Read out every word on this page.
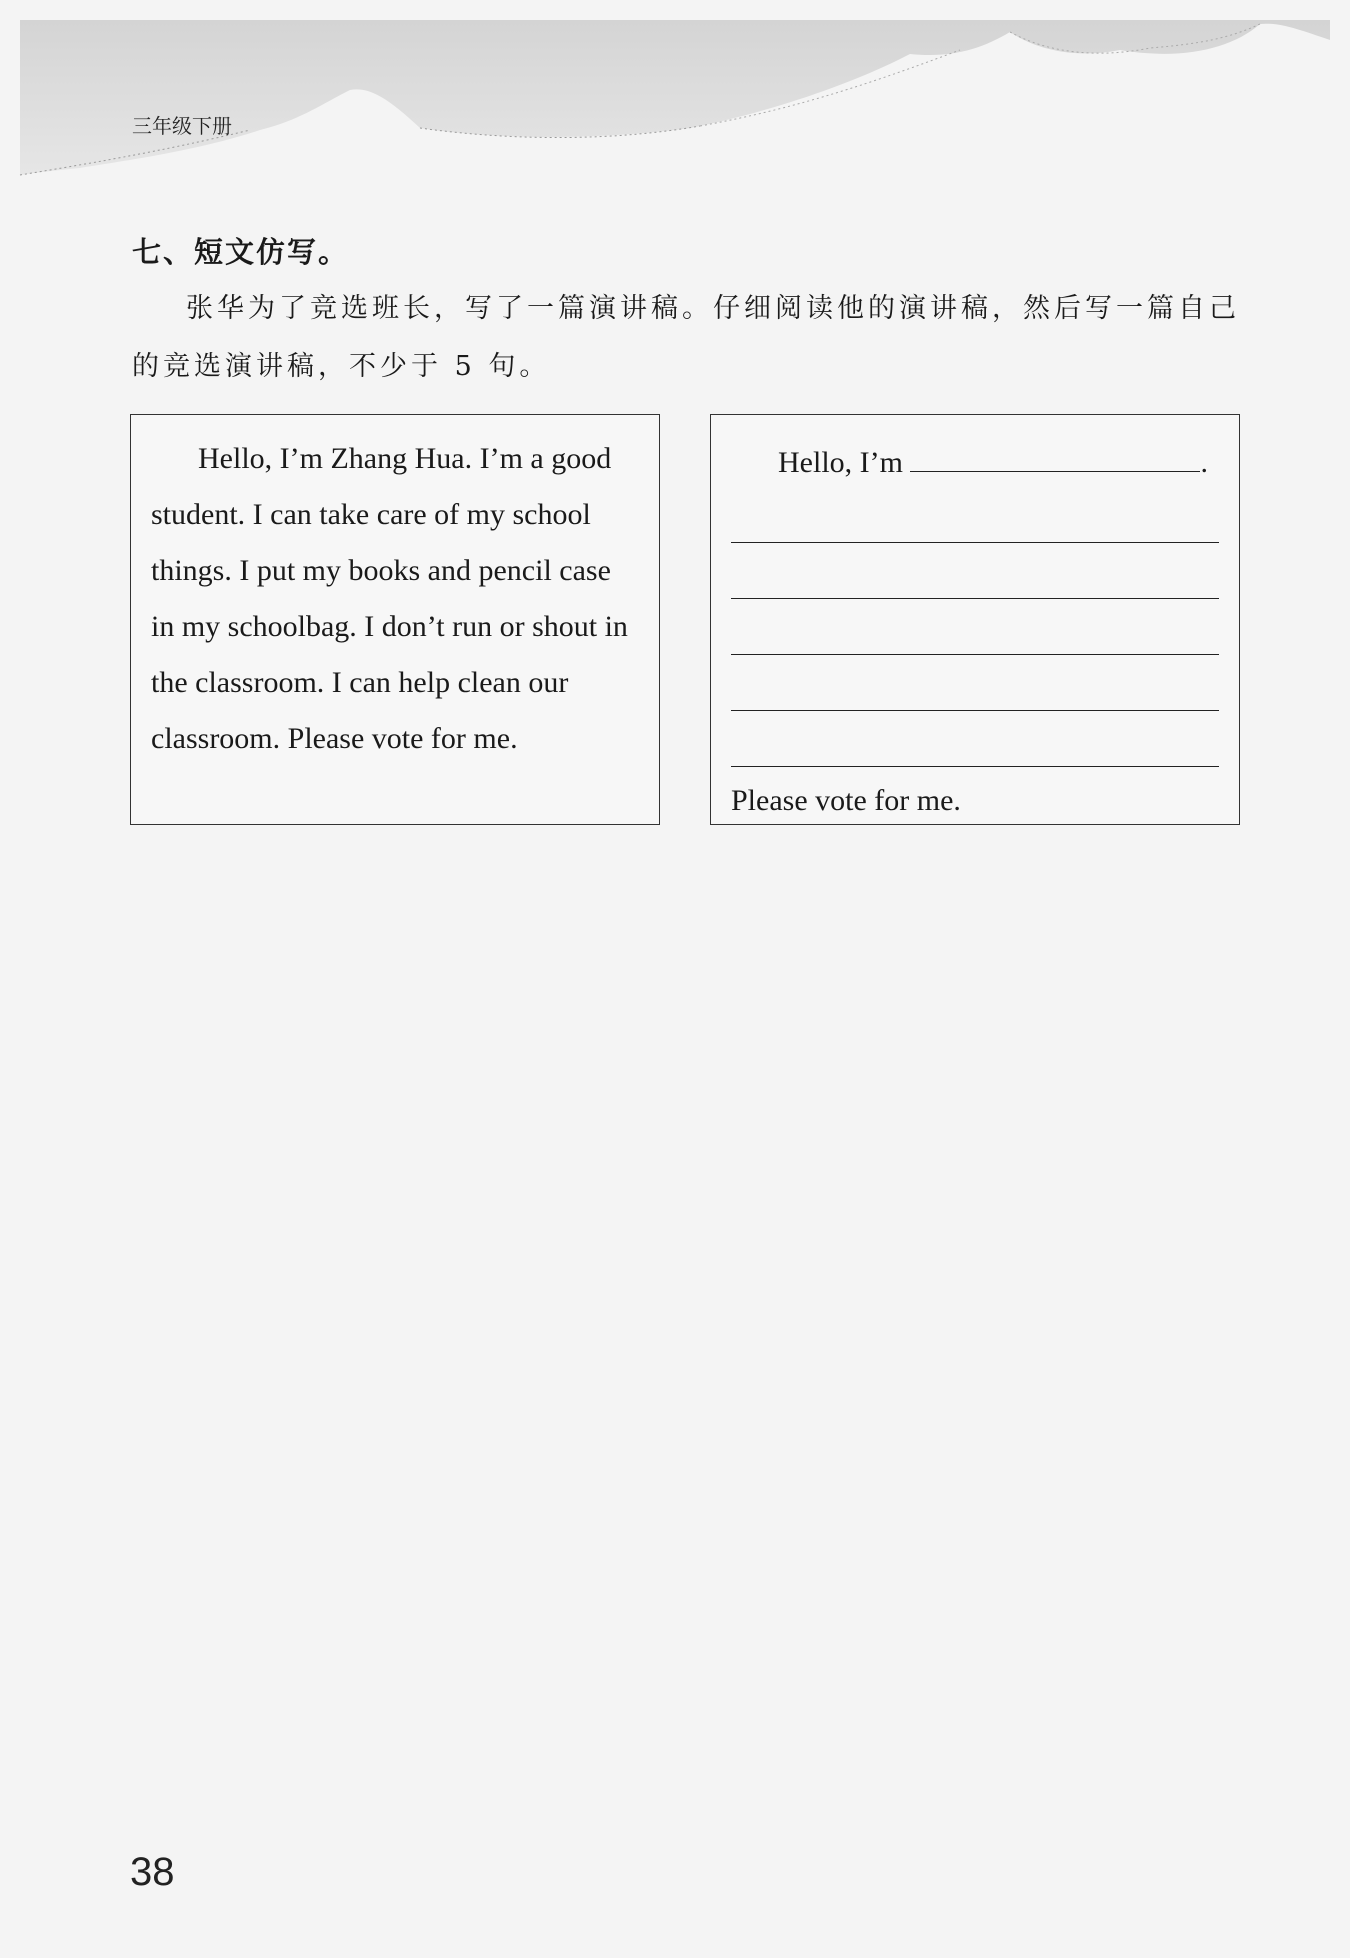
三年级下册
七、短文仿写。
张华为了竞选班长，写了一篇演讲稿。仔细阅读他的演讲稿，然后写一篇自己的竞选演讲稿，不少于 5 句。
Hello, I’m Zhang Hua. I’m a good student. I can take care of my school things. I put my books and pencil case in my schoolbag. I don’t run or shout in the classroom. I can help clean our classroom. Please vote for me.
Hello, I’m	.
Please vote for me.
38
